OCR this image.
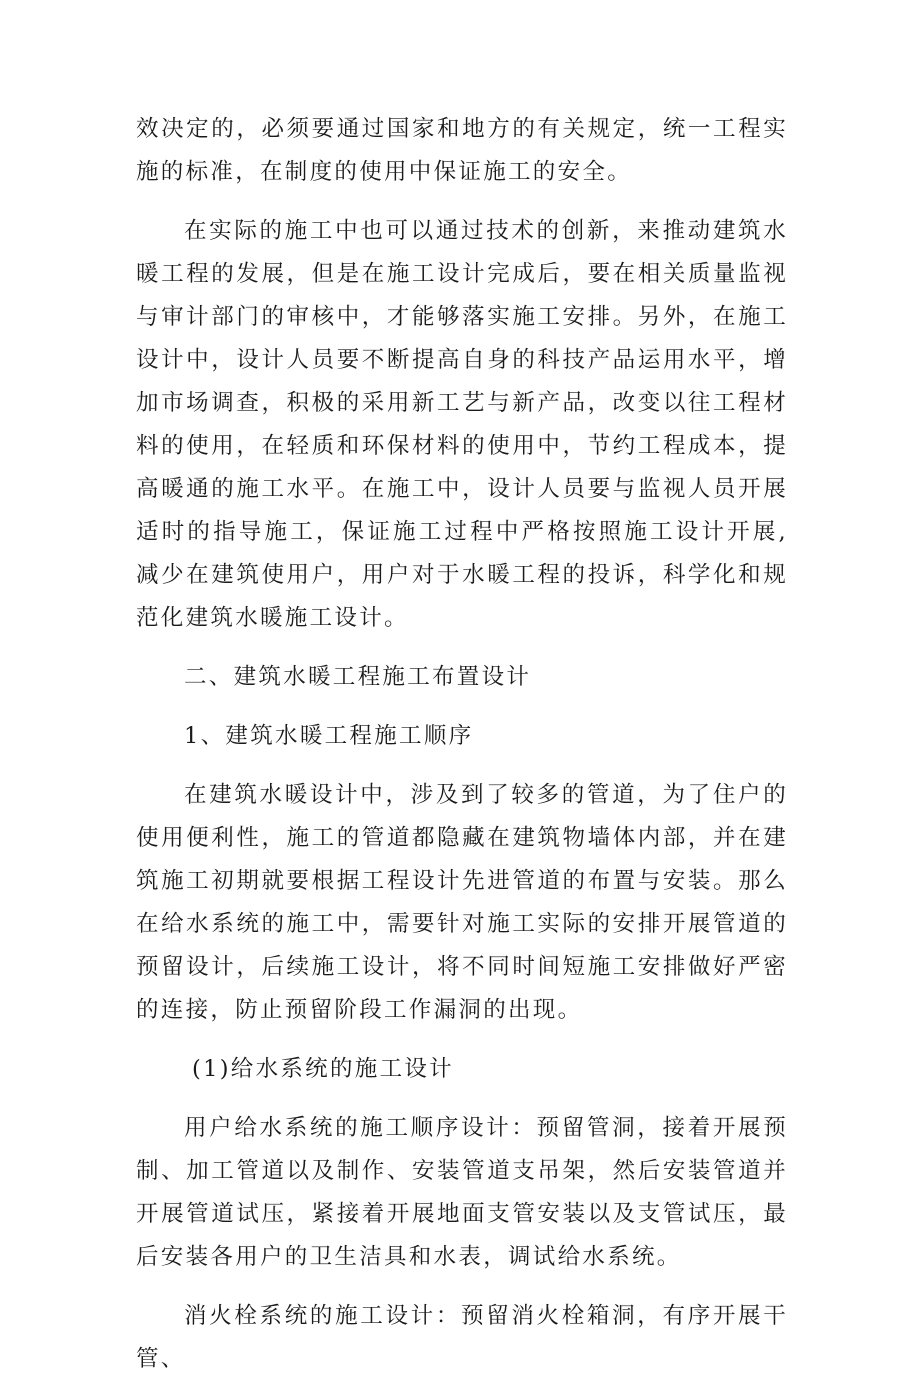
效决定的，必须要通过国家和地方的有关规定，统一工程实施的标准，在制度的使用中保证施工的安全。

在实际的施工中也可以通过技术的创新，来推动建筑水暖工程的发展，但是在施工设计完成后，要在相关质量监视与审计部门的审核中，才能够落实施工安排。另外，在施工设计中，设计人员要不断提高自身的科技产品运用水平，增加市场调查，积极的采用新工艺与新产品，改变以往工程材料的使用，在轻质和环保材料的使用中，节约工程成本，提高暖通的施工水平。在施工中，设计人员要与监视人员开展适时的指导施工，保证施工过程中严格按照施工设计开展,减少在建筑使用户，用户对于水暖工程的投诉，科学化和规范化建筑水暖施工设计。

二、建筑水暖工程施工布置设计

1、建筑水暖工程施工顺序

在建筑水暖设计中，涉及到了较多的管道，为了住户的使用便利性，施工的管道都隐藏在建筑物墙体内部，并在建筑施工初期就要根据工程设计先进管道的布置与安装。那么在给水系统的施工中，需要针对施工实际的安排开展管道的预留设计，后续施工设计，将不同时间短施工安排做好严密的连接，防止预留阶段工作漏洞的出现。

(1)给水系统的施工设计

用户给水系统的施工顺序设计：预留管洞，接着开展预制、加工管道以及制作、安装管道支吊架，然后安装管道并开展管道试压，紧接着开展地面支管安装以及支管试压，最后安装各用户的卫生洁具和水表，调试给水系统。

消火栓系统的施工设计：预留消火栓箱洞，有序开展干管、
